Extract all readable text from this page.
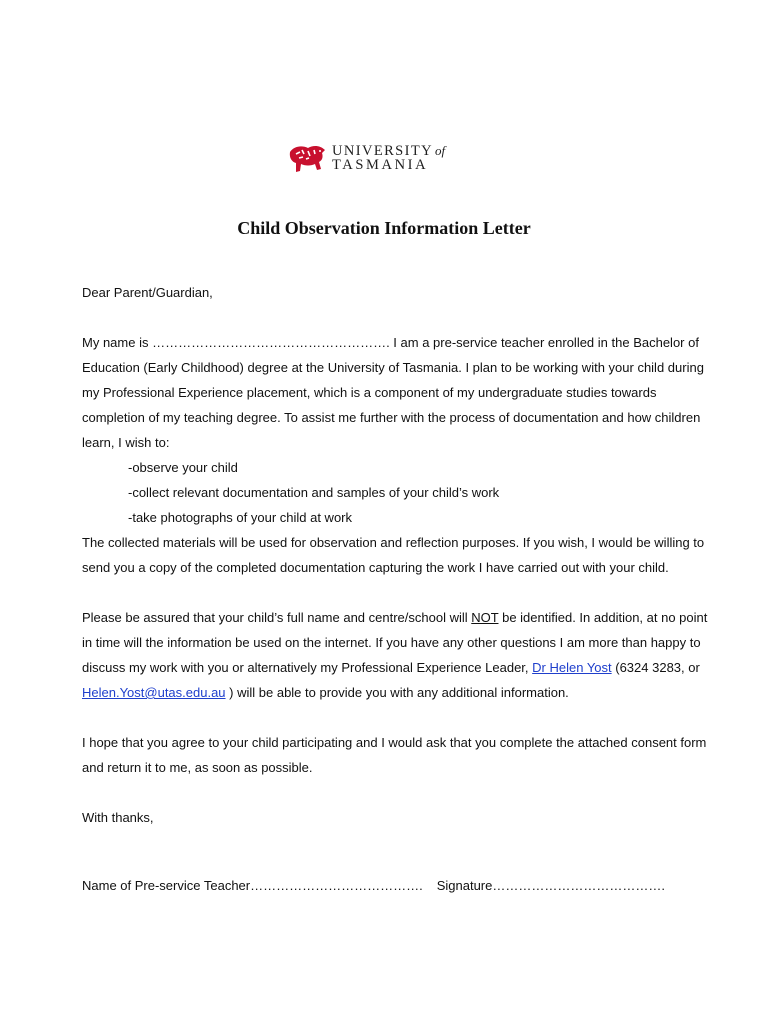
UNIVERSITY of
TASMANIA
Child Observation Information Letter

Dear Parent/Guardian,

My name is ………………………………………………. I am a pre-service teacher enrolled in the Bachelor of Education (Early Childhood) degree at the University of Tasmania. I plan to be working with your child during my Professional Experience placement, which is a component of my undergraduate studies towards completion of my teaching degree. To assist me further with the process of documentation and how children learn, I wish to:

-observe your child

-collect relevant documentation and samples of your child’s work

-take photographs of your child at work

The collected materials will be used for observation and reflection purposes. If you wish, I would be willing to send you a copy of the completed documentation capturing the work I have carried out with your child.

Please be assured that your child’s full name and centre/school will NOT be identified. In addition, at no point in time will the information be used on the internet. If you have any other questions I am more than happy to discuss my work with you or alternatively my Professional Experience Leader, Dr Helen Yost (6324 3283, or Helen.Yost@utas.edu.au ) will be able to provide you with any additional information.

I hope that you agree to your child participating and I would ask that you complete the attached consent form and return it to me, as soon as possible.

With thanks,

Name of Pre-service Teacher…………………………………. Signature………………………………….
